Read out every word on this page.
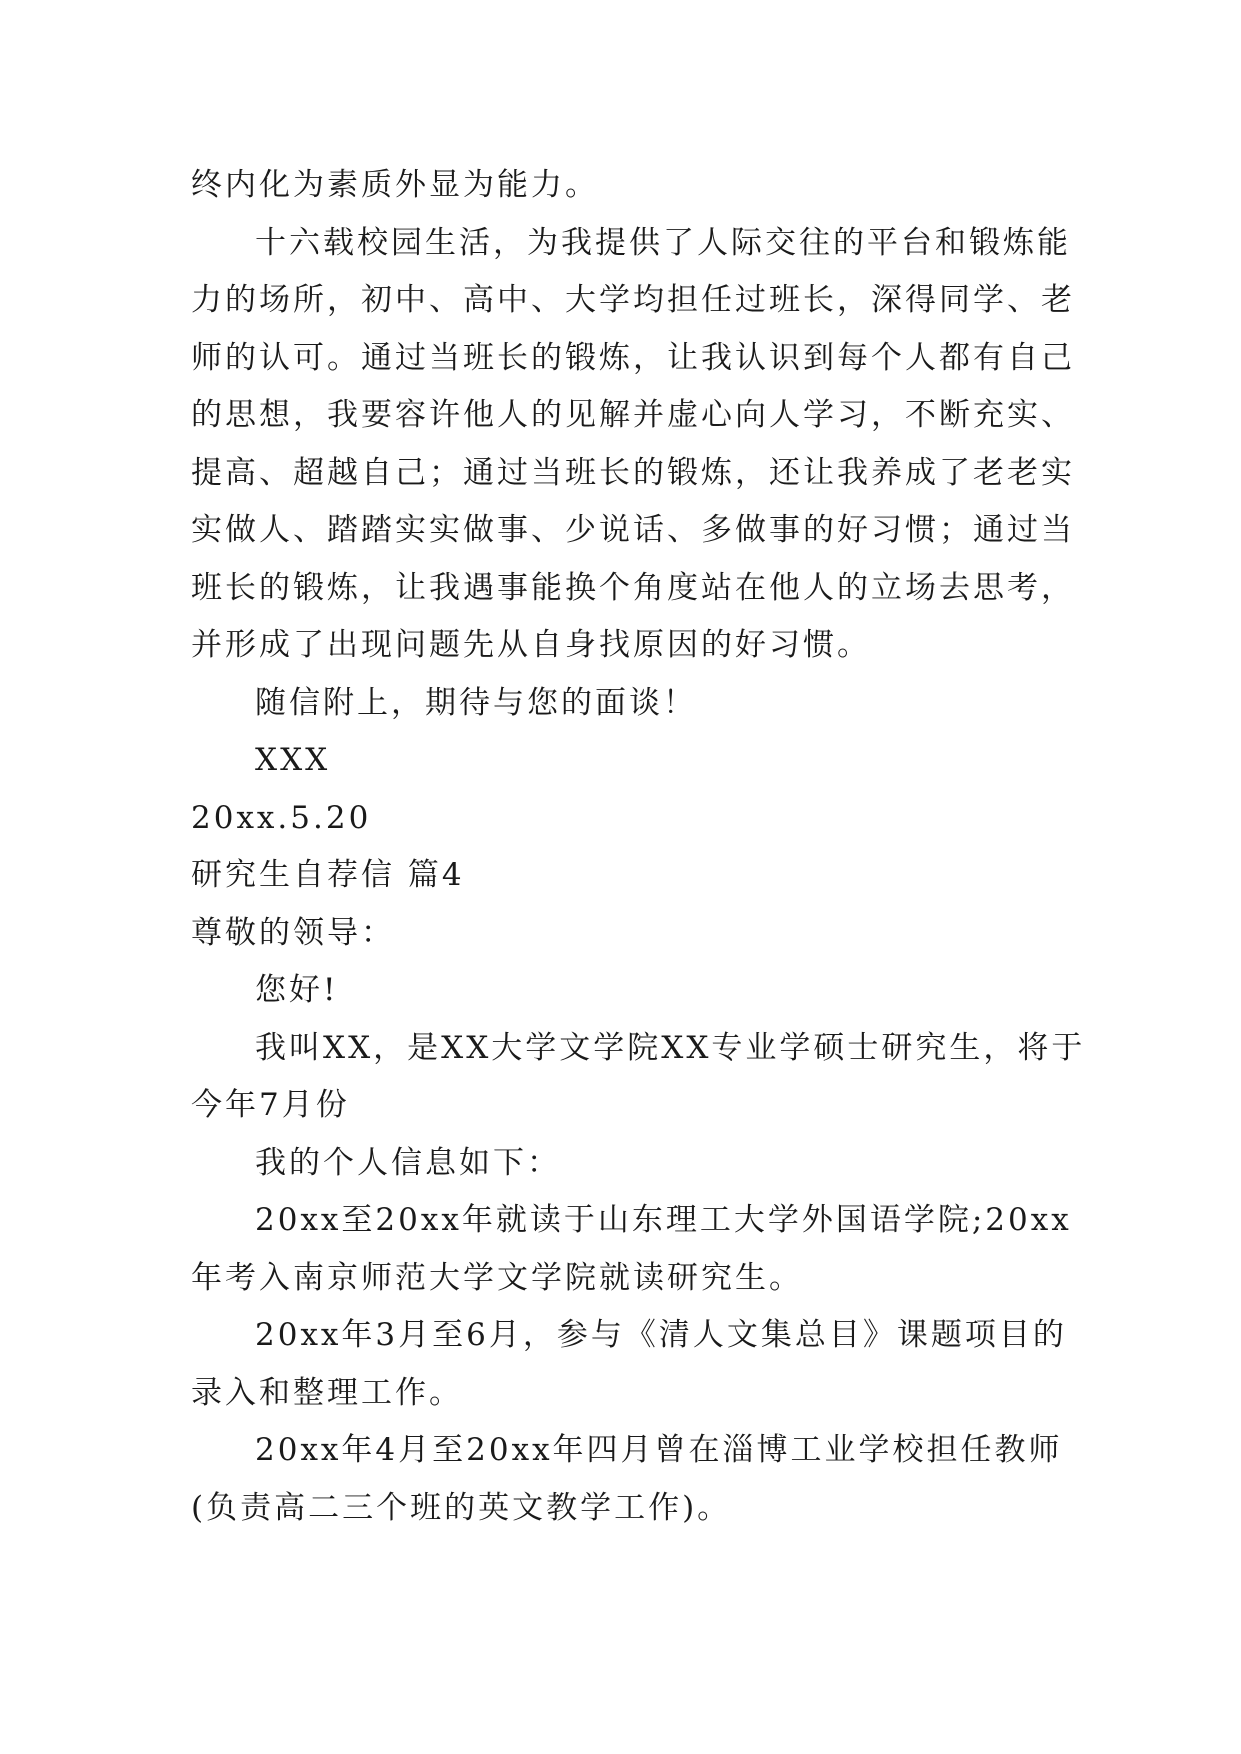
终内化为素质外显为能力。
十六载校园生活，为我提供了人际交往的平台和锻炼能
力的场所，初中、高中、大学均担任过班长，深得同学、老
师的认可。通过当班长的锻炼，让我认识到每个人都有自己
的思想，我要容许他人的见解并虚心向人学习，不断充实、
提高、超越自己；通过当班长的锻炼，还让我养成了老老实
实做人、踏踏实实做事、少说话、多做事的好习惯；通过当
班长的锻炼，让我遇事能换个角度站在他人的立场去思考，
并形成了出现问题先从自身找原因的好习惯。
随信附上，期待与您的面谈！
XXX
20xx.5.20
研究生自荐信 篇4
尊敬的领导：
您好!
我叫XX，是XX大学文学院XX专业学硕士研究生，将于
今年7月份
我的个人信息如下：
20xx至20xx年就读于山东理工大学外国语学院;20xx
年考入南京师范大学文学院就读研究生。
20xx年3月至6月，参与《清人文集总目》课题项目的
录入和整理工作。
20xx年4月至20xx年四月曾在淄博工业学校担任教师
(负责高二三个班的英文教学工作)。
